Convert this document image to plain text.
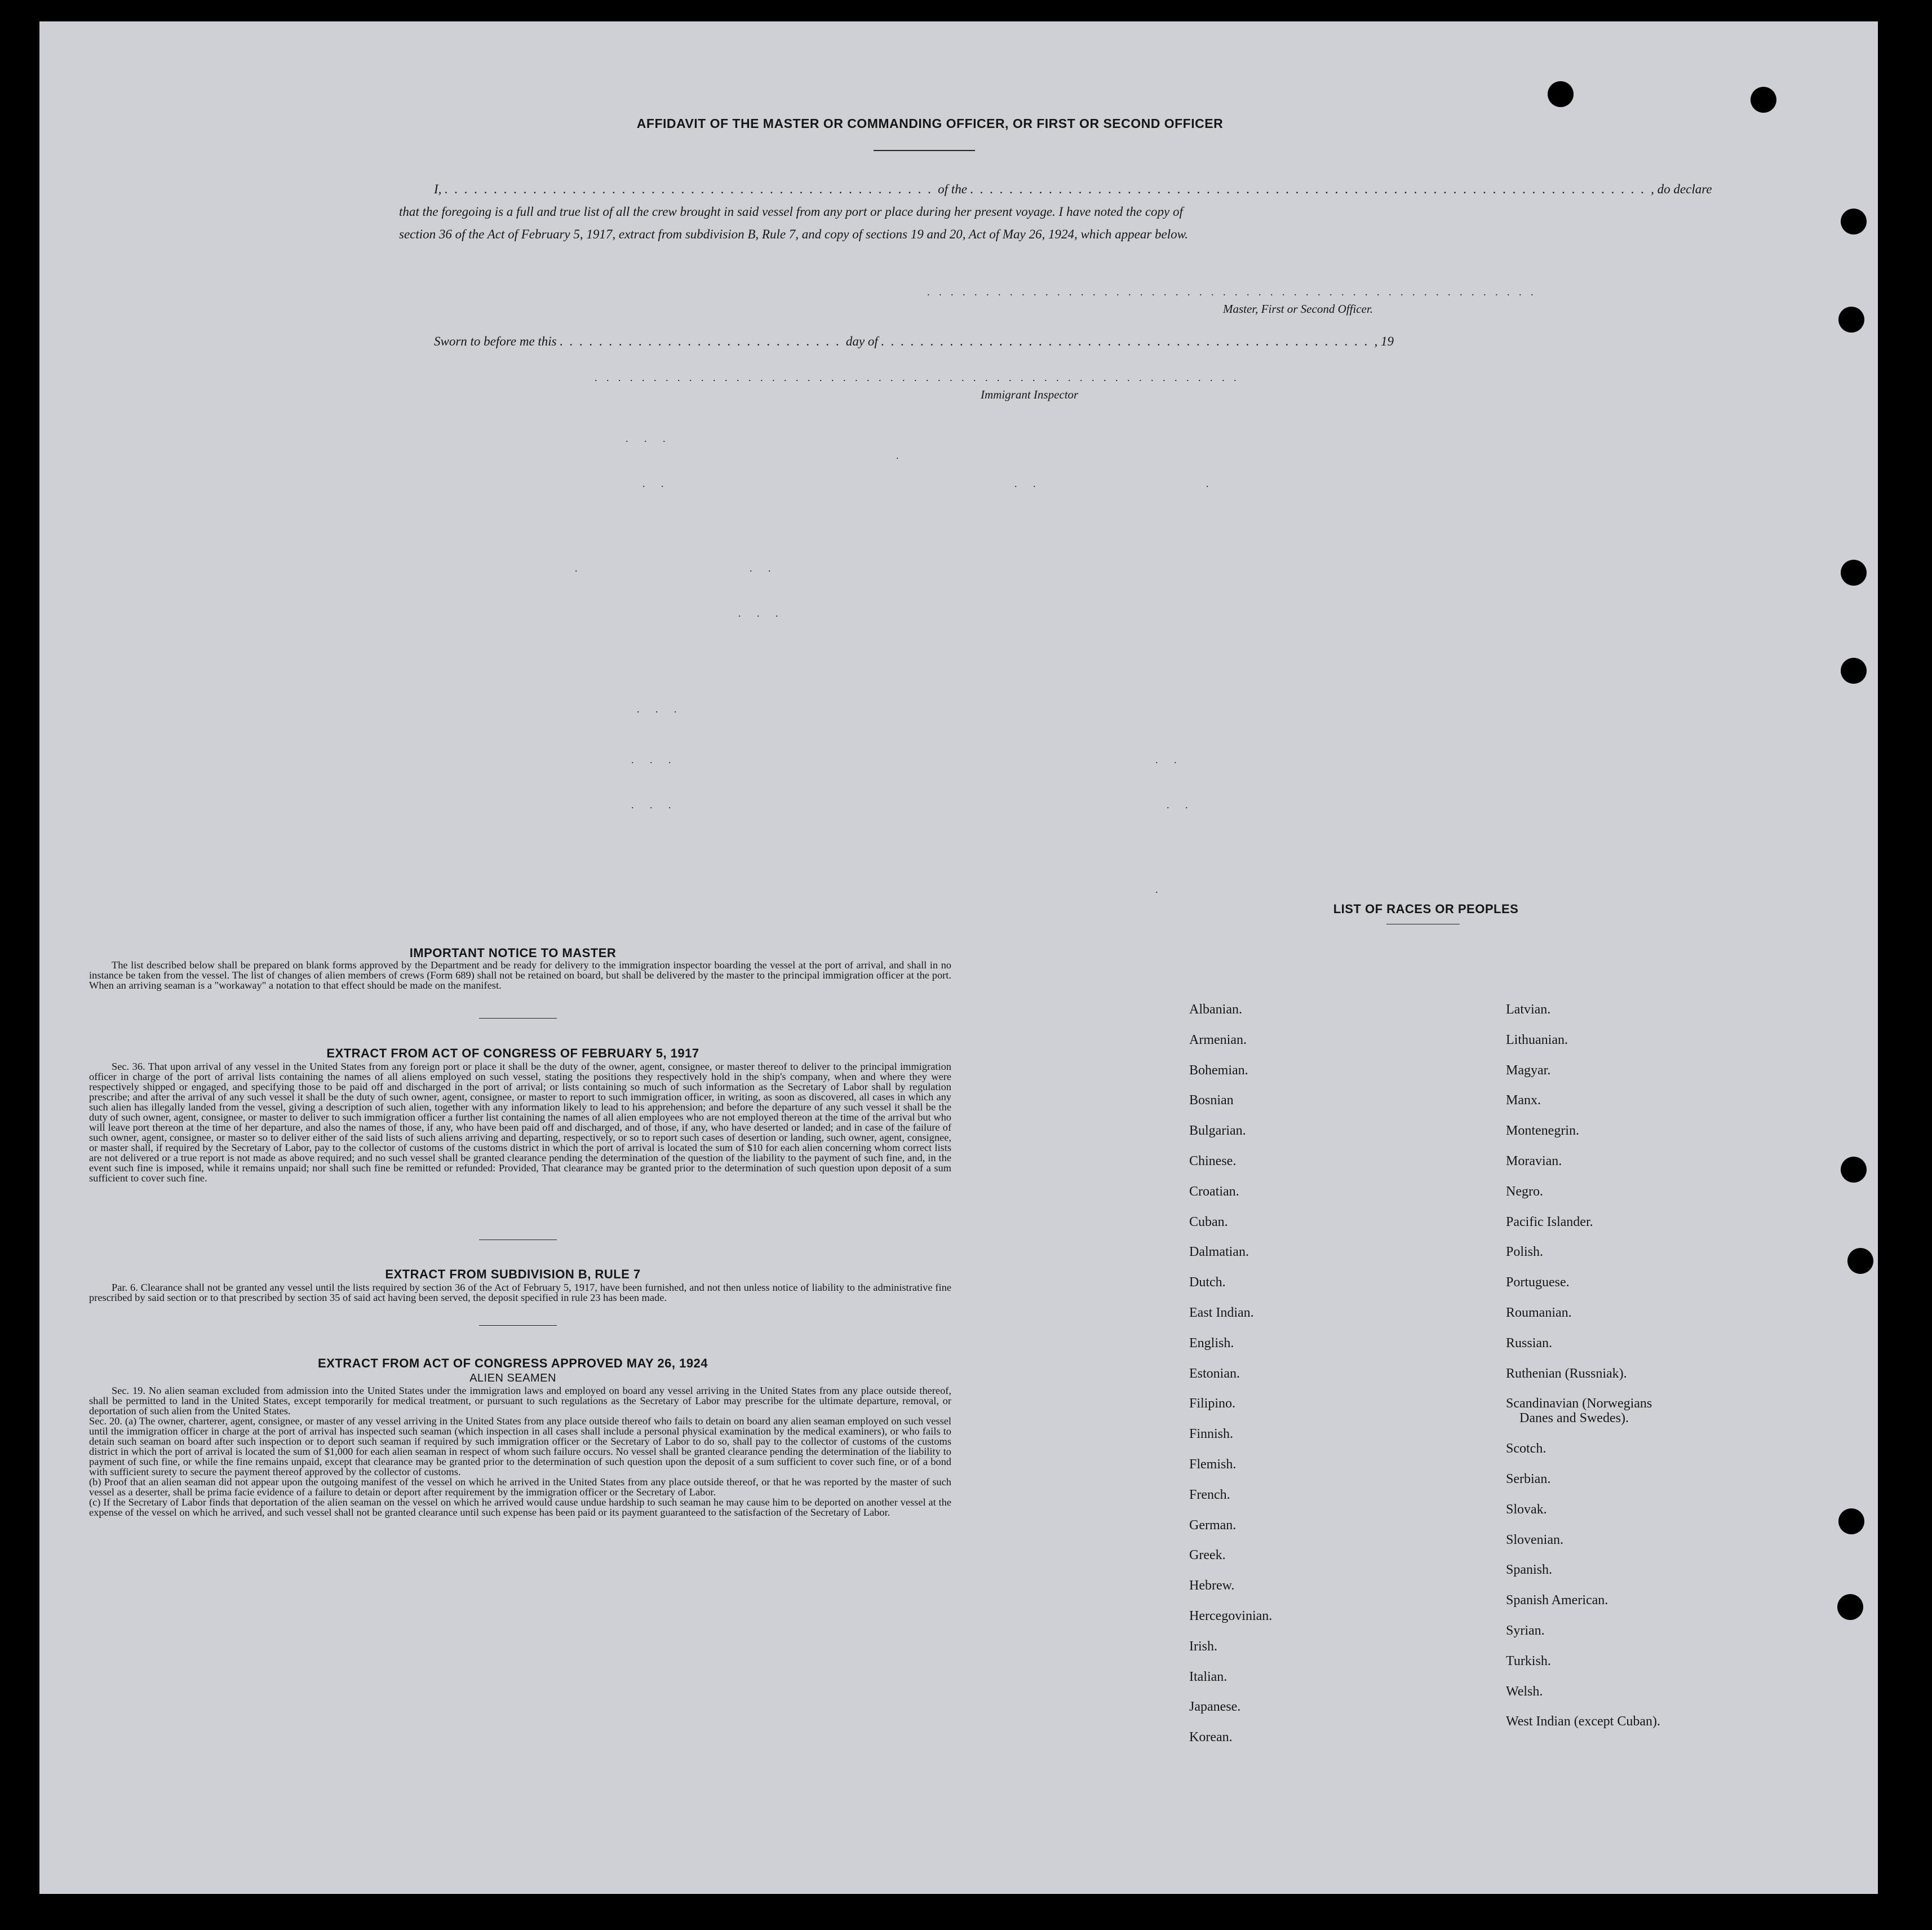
AFFIDAVIT OF THE MASTER OR COMMANDING OFFICER, OR FIRST OR SECOND OFFICER
I, . . . . . . . . . . . . . . . . . . . . . . . . . . . . . . . . . . . . . . . . . . . . . . . . . . of the . . . . . . . . . . . . . . . . . . . . . . . . . . . . . . . . . . . . . . . . . . . . . . . . . . . . . . . . . . . . . . . . . . . . . , do declare
that the foregoing is a full and true list of all the crew brought in said vessel from any port or place during her present voyage. I have noted the copy of
section 36 of the Act of February 5, 1917, extract from subdivision B, Rule 7, and copy of sections 19 and 20, Act of May 26, 1924, which appear below.
. . . . . . . . . . . . . . . . . . . . . . . . . . . . . . . . . . . . . . . . . . . . . . . . . . . .
Master, First or Second Officer.
Sworn to before me this . . . . . . . . . . . . . . . . . . . . . . . . . . . . . day of . . . . . . . . . . . . . . . . . . . . . . . . . . . . . . . . . . . . . . . . . . . . . . . . . . , 19
. . . . . . . . . . . . . . . . . . . . . . . . . . . . . . . . . . . . . . . . . . . . . . . . . . . . . . .
Immigrant Inspector
. . .
.
. .	. .	.
.	. .
. . .
. . .
. . .	. .
. . .	. .
.
IMPORTANT NOTICE TO MASTER
The list described below shall be prepared on blank forms approved by the Department and be ready for delivery to the immigration inspector boarding the vessel at the port of arrival, and shall in no instance be taken from the vessel. The list of changes of alien members of crews (Form 689) shall not be retained on board, but shall be delivered by the master to the principal immigration officer at the port. When an arriving seaman is a "workaway" a notation to that effect should be made on the manifest.
EXTRACT FROM ACT OF CONGRESS OF FEBRUARY 5, 1917
Sec. 36. That upon arrival of any vessel in the United States from any foreign port or place it shall be the duty of the owner, agent, consignee, or master thereof to deliver to the principal immigration officer in charge of the port of arrival lists containing the names of all aliens employed on such vessel, stating the positions they respectively hold in the ship's company, when and where they were respectively shipped or engaged, and specifying those to be paid off and discharged in the port of arrival; or lists containing so much of such information as the Secretary of Labor shall by regulation prescribe; and after the arrival of any such vessel it shall be the duty of such owner, agent, consignee, or master to report to such immigration officer, in writing, as soon as discovered, all cases in which any such alien has illegally landed from the vessel, giving a description of such alien, together with any information likely to lead to his apprehension; and before the departure of any such vessel it shall be the duty of such owner, agent, consignee, or master to deliver to such immigration officer a further list containing the names of all alien employees who are not employed thereon at the time of the arrival but who will leave port thereon at the time of her departure, and also the names of those, if any, who have been paid off and discharged, and of those, if any, who have deserted or landed; and in case of the failure of such owner, agent, consignee, or master so to deliver either of the said lists of such aliens arriving and departing, respectively, or so to report such cases of desertion or landing, such owner, agent, consignee, or master shall, if required by the Secretary of Labor, pay to the collector of customs of the customs district in which the port of arrival is located the sum of $10 for each alien concerning whom correct lists are not delivered or a true report is not made as above required; and no such vessel shall be granted clearance pending the determination of the question of the liability to the payment of such fine, and, in the event such fine is imposed, while it remains unpaid; nor shall such fine be remitted or refunded: Provided, That clearance may be granted prior to the determination of such question upon deposit of a sum sufficient to cover such fine.
EXTRACT FROM SUBDIVISION B, RULE 7
Par. 6. Clearance shall not be granted any vessel until the lists required by section 36 of the Act of February 5, 1917, have been furnished, and not then unless notice of liability to the administrative fine prescribed by said section or to that prescribed by section 35 of said act having been served, the deposit specified in rule 23 has been made.
EXTRACT FROM ACT OF CONGRESS APPROVED MAY 26, 1924
ALIEN SEAMEN
Sec. 19. No alien seaman excluded from admission into the United States under the immigration laws and employed on board any vessel arriving in the United States from any place outside thereof, shall be permitted to land in the United States, except temporarily for medical treatment, or pursuant to such regulations as the Secretary of Labor may prescribe for the ultimate departure, removal, or deportation of such alien from the United States.
Sec. 20. (a) The owner, charterer, agent, consignee, or master of any vessel arriving in the United States from any place outside thereof who fails to detain on board any alien seaman employed on such vessel until the immigration officer in charge at the port of arrival has inspected such seaman (which inspection in all cases shall include a personal physical examination by the medical examiners), or who fails to detain such seaman on board after such inspection or to deport such seaman if required by such immigration officer or the Secretary of Labor to do so, shall pay to the collector of customs of the customs district in which the port of arrival is located the sum of $1,000 for each alien seaman in respect of whom such failure occurs. No vessel shall be granted clearance pending the determination of the liability to payment of such fine, or while the fine remains unpaid, except that clearance may be granted prior to the determination of such question upon the deposit of a sum sufficient to cover such fine, or of a bond with sufficient surety to secure the payment thereof approved by the collector of customs.
(b) Proof that an alien seaman did not appear upon the outgoing manifest of the vessel on which he arrived in the United States from any place outside thereof, or that he was reported by the master of such vessel as a deserter, shall be prima facie evidence of a failure to detain or deport after requirement by the immigration officer or the Secretary of Labor.
(c) If the Secretary of Labor finds that deportation of the alien seaman on the vessel on which he arrived would cause undue hardship to such seaman he may cause him to be deported on another vessel at the expense of the vessel on which he arrived, and such vessel shall not be granted clearance until such expense has been paid or its payment guaranteed to the satisfaction of the Secretary of Labor.
LIST OF RACES OR PEOPLES
Albanian.
Armenian.
Bohemian.
Bosnian
Bulgarian.
Chinese.
Croatian.
Cuban.
Dalmatian.
Dutch.
East Indian.
English.
Estonian.
Filipino.
Finnish.
Flemish.
French.
German.
Greek.
Hebrew.
Hercegovinian.
Irish.
Italian.
Japanese.
Korean.
Latvian.
Lithuanian.
Magyar.
Manx.
Montenegrin.
Moravian.
Negro.
Pacific Islander.
Polish.
Portuguese.
Roumanian.
Russian.
Ruthenian (Russniak).
Scandinavian (Norwegians
Danes and Swedes).
Scotch.
Serbian.
Slovak.
Slovenian.
Spanish.
Spanish American.
Syrian.
Turkish.
Welsh.
West Indian (except Cuban).
